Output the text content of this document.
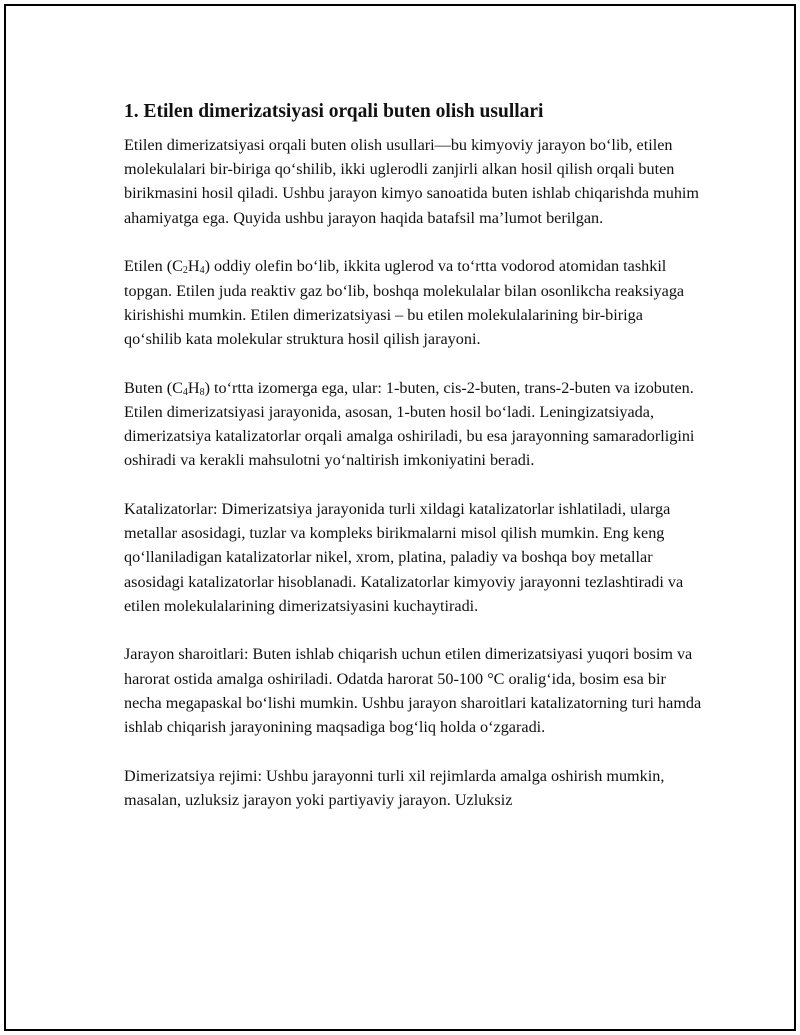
1. Etilen dimerizatsiyasi orqali buten olish usullari

Etilen dimerizatsiyasi orqali buten olish usullari—bu kimyoviy jarayon bo‘lib, etilen molekulalari bir-biriga qo‘shilib, ikki uglerodli zanjirli alkan hosil qilish orqali buten birikmasini hosil qiladi. Ushbu jarayon kimyo sanoatida buten ishlab chiqarishda muhim ahamiyatga ega. Quyida ushbu jarayon haqida batafsil ma’lumot berilgan.

Etilen $(C_2H_4)$ oddiy olefin bo‘lib, ikkita uglerod va to‘rtta vodorod atomidan tashkil topgan. Etilen juda reaktiv gaz bo‘lib, boshqa molekulalar bilan osonlikcha reaksiyaga kirishishi mumkin. Etilen dimerizatsiyasi – bu etilen molekulalarining bir-biriga qo‘shilib kata molekular struktura hosil qilish jarayoni.

Buten $(C_4H_8)$ to‘rtta izomerga ega, ular: 1-buten, cis-2-buten, trans-2-buten va izobuten. Etilen dimerizatsiyasi jarayonida, asosan, 1-buten hosil bo‘ladi. Leningizatsiyada, dimerizatsiya katalizatorlar orqali amalga oshiriladi, bu esa jarayonning samaradorligini oshiradi va kerakli mahsulotni yo‘naltirish imkoniyatini beradi.

Katalizatorlar: Dimerizatsiya jarayonida turli xildagi katalizatorlar ishlatiladi, ularga metallar asosidagi, tuzlar va kompleks birikmalarni misol qilish mumkin. Eng keng qo‘llaniladigan katalizatorlar nikel, xrom, platina, paladiy va boshqa boy metallar asosidagi katalizatorlar hisoblanadi. Katalizatorlar kimyoviy jarayonni tezlashtiradi va etilen molekulalarining dimerizatsiyasini kuchaytiradi.

Jarayon sharoitlari: Buten ishlab chiqarish uchun etilen dimerizatsiyasi yuqori bosim va harorat ostida amalga oshiriladi. Odatda harorat 50-100 °C oralig‘ida, bosim esa bir necha megapaskal bo‘lishi mumkin. Ushbu jarayon sharoitlari katalizatorning turi hamda ishlab chiqarish jarayonining maqsadiga bog‘liq holda o‘zgaradi.

Dimerizatsiya rejimi: Ushbu jarayonni turli xil rejimlarda amalga oshirish mumkin, masalan, uzluksiz jarayon yoki partiyaviy jarayon. Uzluksiz
